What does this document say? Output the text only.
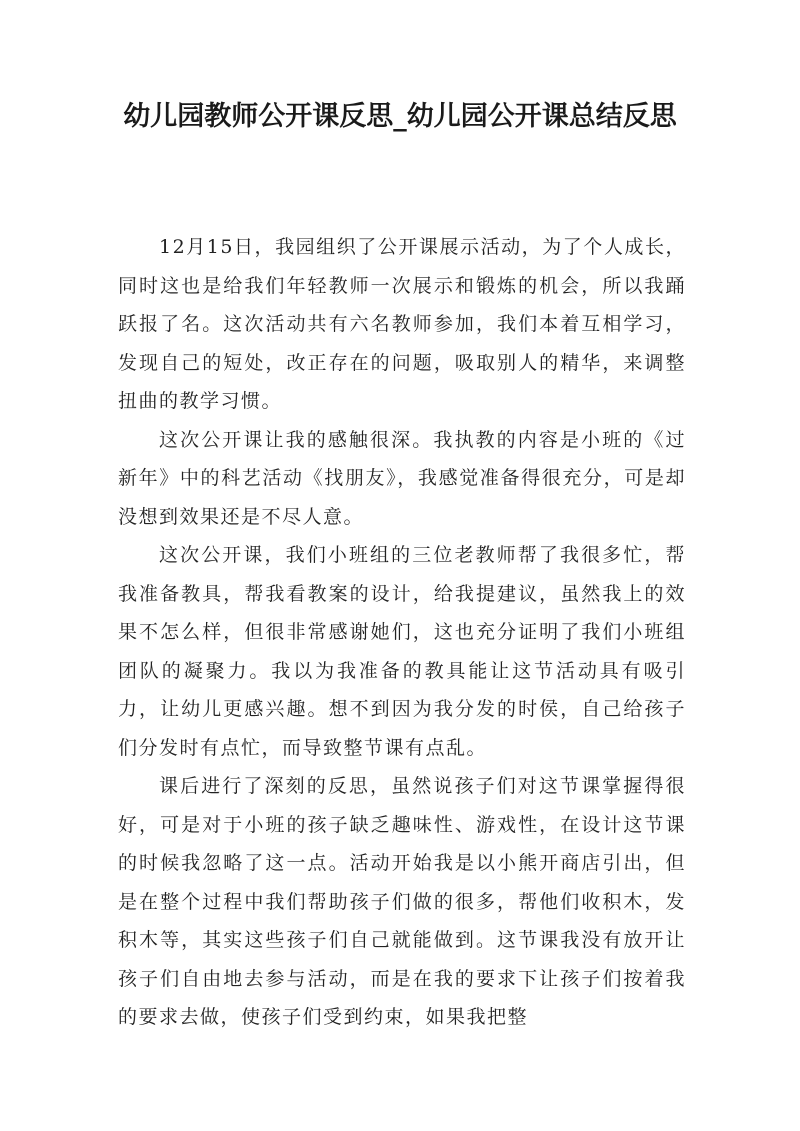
幼儿园教师公开课反思_幼儿园公开课总结反思

12月15日，我园组织了公开课展示活动，为了个人成长，同时这也是给我们年轻教师一次展示和锻炼的机会，所以我踊跃报了名。这次活动共有六名教师参加，我们本着互相学习，发现自己的短处，改正存在的问题，吸取别人的精华，来调整扭曲的教学习惯。

这次公开课让我的感触很深。我执教的内容是小班的《过新年》中的科艺活动《找朋友》，我感觉准备得很充分，可是却没想到效果还是不尽人意。

这次公开课，我们小班组的三位老教师帮了我很多忙，帮我准备教具，帮我看教案的设计，给我提建议，虽然我上的效果不怎么样，但很非常感谢她们，这也充分证明了我们小班组团队的凝聚力。我以为我准备的教具能让这节活动具有吸引力，让幼儿更感兴趣。想不到因为我分发的时侯，自己给孩子们分发时有点忙，而导致整节课有点乱。

课后进行了深刻的反思，虽然说孩子们对这节课掌握得很好，可是对于小班的孩子缺乏趣味性、游戏性，在设计这节课的时候我忽略了这一点。活动开始我是以小熊开商店引出，但是在整个过程中我们帮助孩子们做的很多，帮他们收积木，发积木等，其实这些孩子们自己就能做到。这节课我没有放开让孩子们自由地去参与活动，而是在我的要求下让孩子们按着我的要求去做，使孩子们受到约束，如果我把整
